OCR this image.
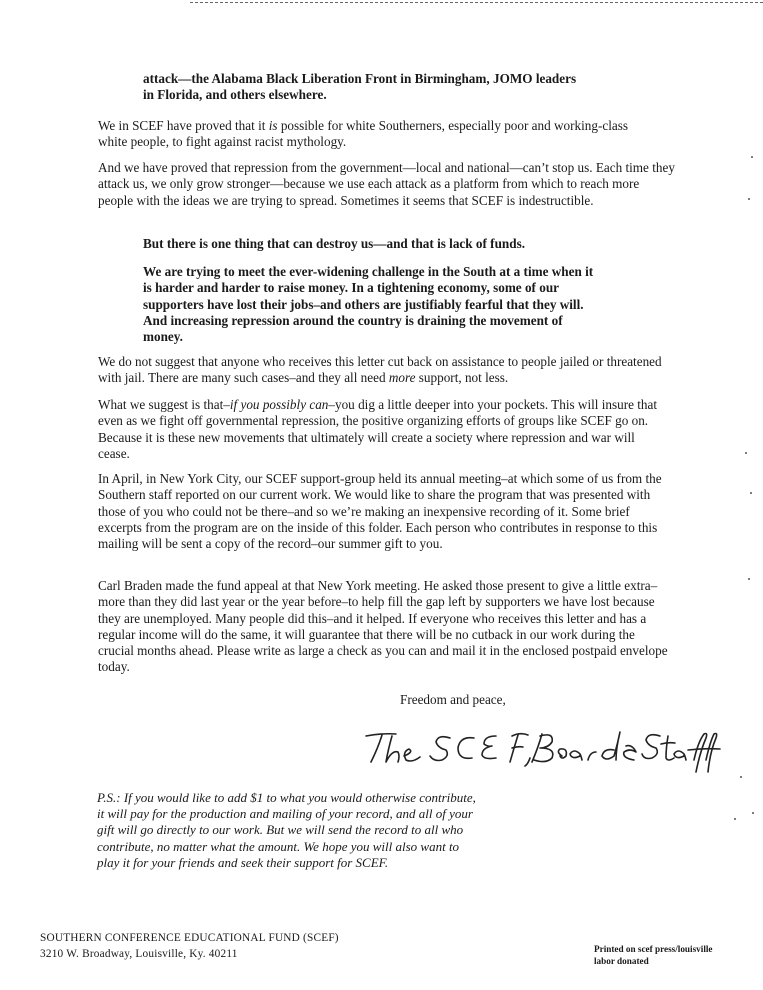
attack—the Alabama Black Liberation Front in Birmingham, JOMO leaders
in Florida, and others elsewhere.

We in SCEF have proved that it is possible for white Southerners, especially poor and working-class white people, to fight against racist mythology.

And we have proved that repression from the government—local and national—can’t stop us. Each time they attack us, we only grow stronger—because we use each attack as a platform from which to reach more people with the ideas we are trying to spread. Sometimes it seems that SCEF is indestructible.

But there is one thing that can destroy us—and that is lack of funds.

We are trying to meet the ever-widening challenge in the South at a time when it is harder and harder to raise money. In a tightening economy, some of our supporters have lost their jobs–and others are justifiably fearful that they will. And increasing repression around the country is draining the movement of money.

We do not suggest that anyone who receives this letter cut back on assistance to people jailed or threatened with jail. There are many such cases–and they all need more support, not less.

What we suggest is that–if you possibly can–you dig a little deeper into your pockets. This will insure that even as we fight off governmental repression, the positive organizing efforts of groups like SCEF go on. Because it is these new movements that ultimately will create a society where repression and war will cease.

In April, in New York City, our SCEF support-group held its annual meeting–at which some of us from the Southern staff reported on our current work. We would like to share the program that was presented with those of you who could not be there–and so we’re making an inexpensive recording of it. Some brief excerpts from the program are on the inside of this folder. Each person who contributes in response to this mailing will be sent a copy of the record–our summer gift to you.

Carl Braden made the fund appeal at that New York meeting. He asked those present to give a little extra–more than they did last year or the year before–to help fill the gap left by supporters we have lost because they are unemployed. Many people did this–and it helped. If everyone who receives this letter and has a regular income will do the same, it will guarantee that there will be no cutback in our work during the crucial months ahead. Please write as large a check as you can and mail it in the enclosed postpaid envelope today.

Freedom and peace,

P.S.: If you would like to add $1 to what you would otherwise contribute, it will pay for the production and mailing of your record, and all of your gift will go directly to our work. But we will send the record to all who contribute, no matter what the amount. We hope you will also want to play it for your friends and seek their support for SCEF.

SOUTHERN CONFERENCE EDUCATIONAL FUND (SCEF)
3210 W. Broadway, Louisville, Ky. 40211	Printed on scef press/louisville
labor donated
